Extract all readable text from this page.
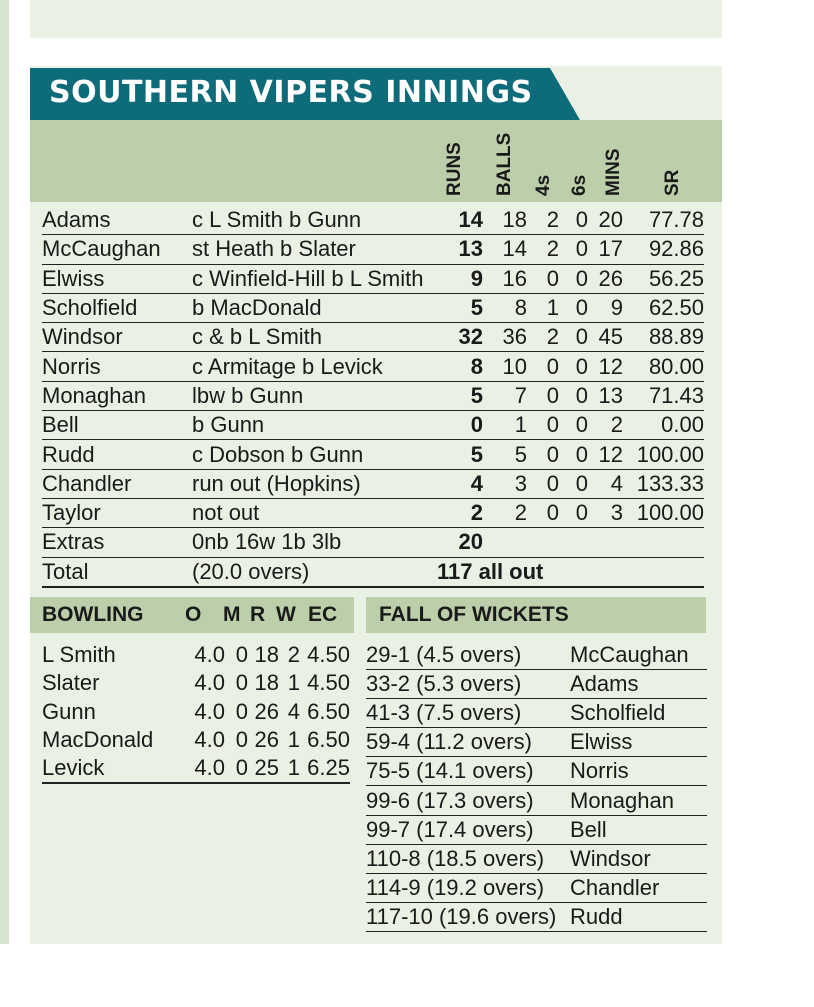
SOUTHERN VIPERS INNINGS
RUNS BALLS 4s 6s MINS SR
Adams	c L Smith b Gunn	14	18	2	0	20	77.78
McCaughan	st Heath b Slater	13	14	2	0	17	92.86
Elwiss	c Winfield-Hill b L Smith	9	16	0	0	26	56.25
Scholfield	b MacDonald	5	8	1	0	9	62.50
Windsor	c & b L Smith	32	36	2	0	45	88.89
Norris	c Armitage b Levick	8	10	0	0	12	80.00
Monaghan	lbw b Gunn	5	7	0	0	13	71.43
Bell	b Gunn	0	1	0	0	2	0.00
Rudd	c Dobson b Gunn	5	5	0	0	12	100.00
Chandler	run out (Hopkins)	4	3	0	0	4	133.33
Taylor	not out	2	2	0	0	3	100.00
Extras	0nb 16w 1b 3lb	20					
Total	(20.0 overs)	117 all out					
BOWLING O M R W EC FALL OF WICKETS
L Smith	4.0	0	18	2	4.50
Slater	4.0	0	18	1	4.50
Gunn	4.0	0	26	4	6.50
MacDonald	4.0	0	26	1	6.50
Levick	4.0	0	25	1	6.25
29-1 (4.5 overs)	McCaughan
33-2 (5.3 overs)	Adams
41-3 (7.5 overs)	Scholfield
59-4 (11.2 overs)	Elwiss
75-5 (14.1 overs)	Norris
99-6 (17.3 overs)	Monaghan
99-7 (17.4 overs)	Bell
110-8 (18.5 overs)	Windsor
114-9 (19.2 overs)	Chandler
117-10 (19.6 overs)	Rudd
